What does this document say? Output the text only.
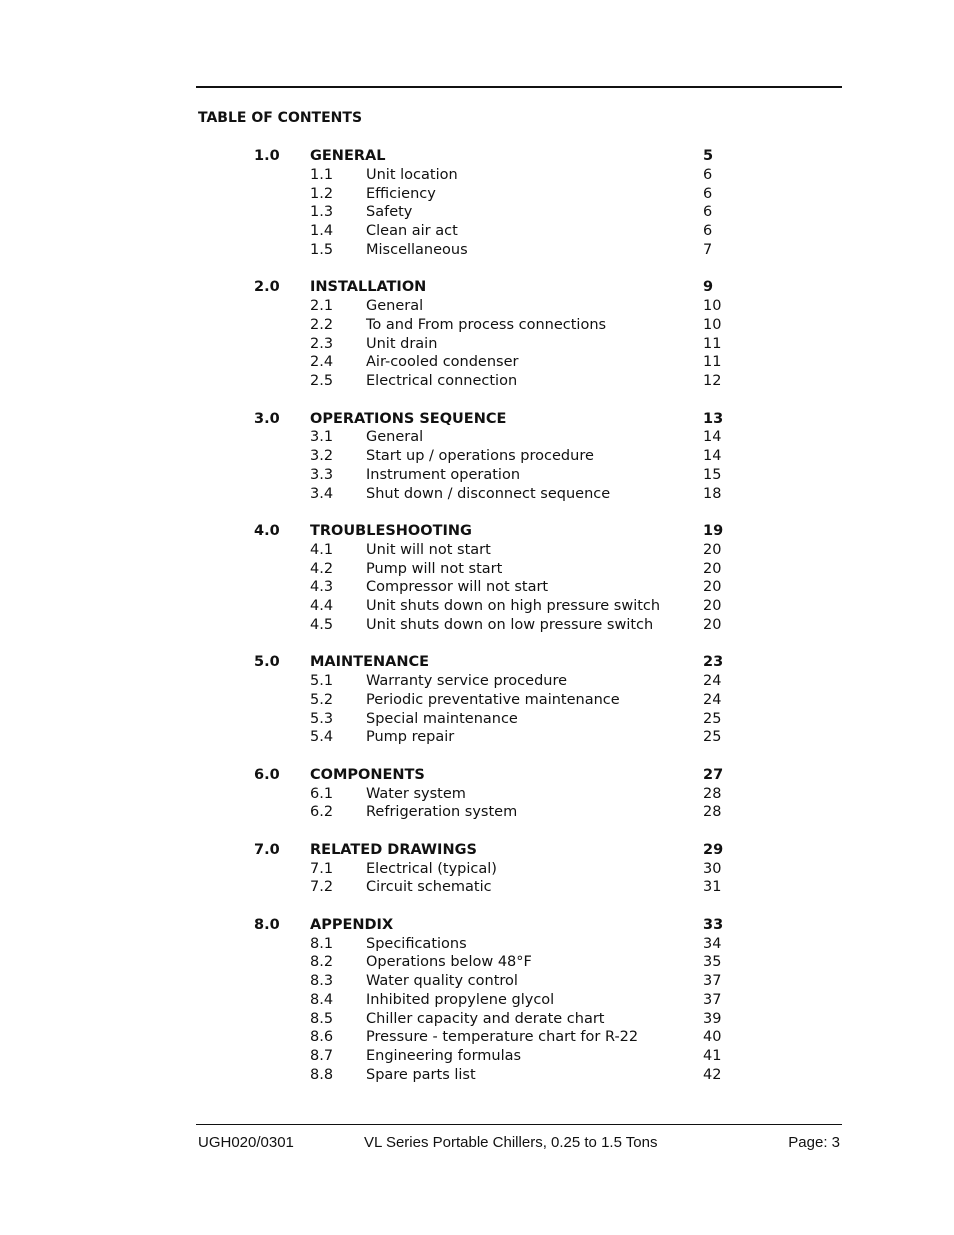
TABLE OF CONTENTS
1.0 GENERAL	5
1.1 Unit location	6
1.2 Efficiency	6
1.3 Safety	6
1.4 Clean air act	6
1.5 Miscellaneous	7
2.0 INSTALLATION	9
2.1 General	10
2.2 To and From process connections	10
2.3 Unit drain	11
2.4 Air-cooled condenser	11
2.5 Electrical connection	12
3.0 OPERATIONS SEQUENCE	13
3.1 General	14
3.2 Start up / operations procedure	14
3.3 Instrument operation	15
3.4 Shut down / disconnect sequence	18
4.0 TROUBLESHOOTING	19
4.1 Unit will not start	20
4.2 Pump will not start	20
4.3 Compressor will not start	20
4.4 Unit shuts down on high pressure switch	20
4.5 Unit shuts down on low pressure switch	20
5.0 MAINTENANCE	23
5.1 Warranty service procedure	24
5.2 Periodic preventative maintenance	24
5.3 Special maintenance	25
5.4 Pump repair	25
6.0 COMPONENTS	27
6.1 Water system	28
6.2 Refrigeration system	28
7.0 RELATED DRAWINGS	29
7.1 Electrical (typical)	30
7.2 Circuit schematic	31
8.0 APPENDIX	33
8.1 Specifications	34
8.2 Operations below 48°F	35
8.3 Water quality control	37
8.4 Inhibited propylene glycol	37
8.5 Chiller capacity and derate chart	39
8.6 Pressure - temperature chart for R-22	40
8.7 Engineering formulas	41
8.8 Spare parts list	42
UGH020/0301	VL Series Portable Chillers, 0.25 to 1.5 Tons	Page: 3
